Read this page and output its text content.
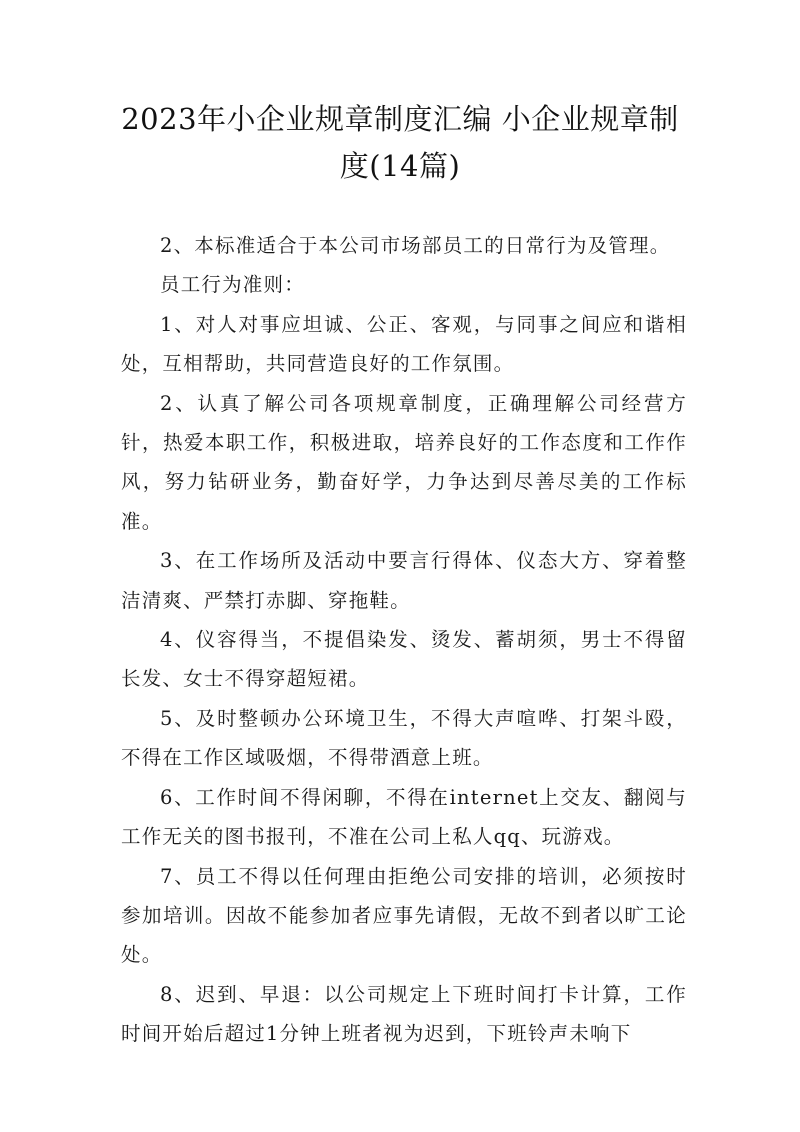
2023年小企业规章制度汇编 小企业规章制
度(14篇)

2、本标准适合于本公司市场部员工的日常行为及管理。

员工行为准则：

1、对人对事应坦诚、公正、客观，与同事之间应和谐相处，互相帮助，共同营造良好的工作氛围。

2、认真了解公司各项规章制度，正确理解公司经营方针，热爱本职工作，积极进取，培养良好的工作态度和工作作风，努力钻研业务，勤奋好学，力争达到尽善尽美的工作标准。

3、在工作场所及活动中要言行得体、仪态大方、穿着整洁清爽、严禁打赤脚、穿拖鞋。

4、仪容得当，不提倡染发、烫发、蓄胡须，男士不得留长发、女士不得穿超短裙。

5、及时整顿办公环境卫生，不得大声喧哗、打架斗殴，不得在工作区域吸烟，不得带酒意上班。

6、工作时间不得闲聊，不得在internet上交友、翻阅与工作无关的图书报刊，不准在公司上私人qq、玩游戏。

7、员工不得以任何理由拒绝公司安排的培训，必须按时参加培训。因故不能参加者应事先请假，无故不到者以旷工论处。

8、迟到、早退：以公司规定上下班时间打卡计算，工作时间开始后超过1分钟上班者视为迟到，下班铃声未响下
